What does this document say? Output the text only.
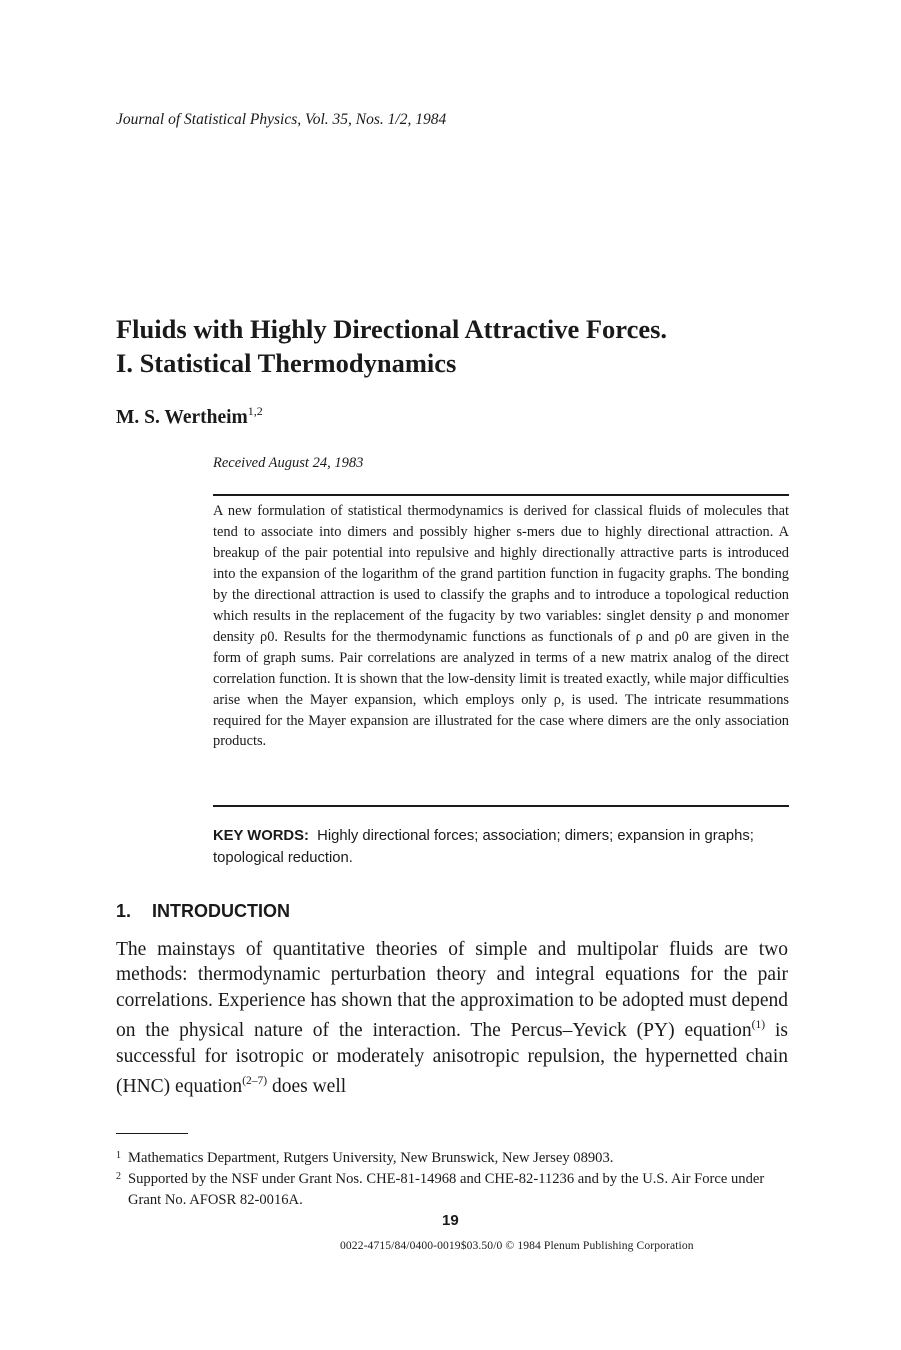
Journal of Statistical Physics, Vol. 35, Nos. 1/2, 1984
Fluids with Highly Directional Attractive Forces.
I. Statistical Thermodynamics
M. S. Wertheim$^{1,2}$
Received August 24, 1983
A new formulation of statistical thermodynamics is derived for classical fluids of molecules that tend to associate into dimers and possibly higher s-mers due to highly directional attraction. A breakup of the pair potential into repulsive and highly directionally attractive parts is introduced into the expansion of the logarithm of the grand partition function in fugacity graphs. The bonding by the directional attraction is used to classify the graphs and to introduce a topological reduction which results in the replacement of the fugacity by two variables: singlet density ρ and monomer density ρ0. Results for the thermodynamic functions as functionals of ρ and ρ0 are given in the form of graph sums. Pair correlations are analyzed in terms of a new matrix analog of the direct correlation function. It is shown that the low-density limit is treated exactly, while major difficulties arise when the Mayer expansion, which employs only ρ, is used. The intricate resummations required for the Mayer expansion are illustrated for the case where dimers are the only association products.
KEY WORDS: Highly directional forces; association; dimers; expansion in graphs; topological reduction.
1. INTRODUCTION
The mainstays of quantitative theories of simple and multipolar fluids are two methods: thermodynamic perturbation theory and integral equations for the pair correlations. Experience has shown that the approximation to be adopted must depend on the physical nature of the interaction. The Percus–Yevick (PY) equation$^{(1)}$ is successful for isotropic or moderately anisotropic repulsion, the hypernetted chain (HNC) equation$^{(2-7)}$ does well
1 Mathematics Department, Rutgers University, New Brunswick, New Jersey 08903.
2 Supported by the NSF under Grant Nos. CHE-81-14968 and CHE-82-11236 and by the U.S. Air Force under Grant No. AFOSR 82-0016A.
19
0022-4715/84/0400-0019$03.50/0 © 1984 Plenum Publishing Corporation
